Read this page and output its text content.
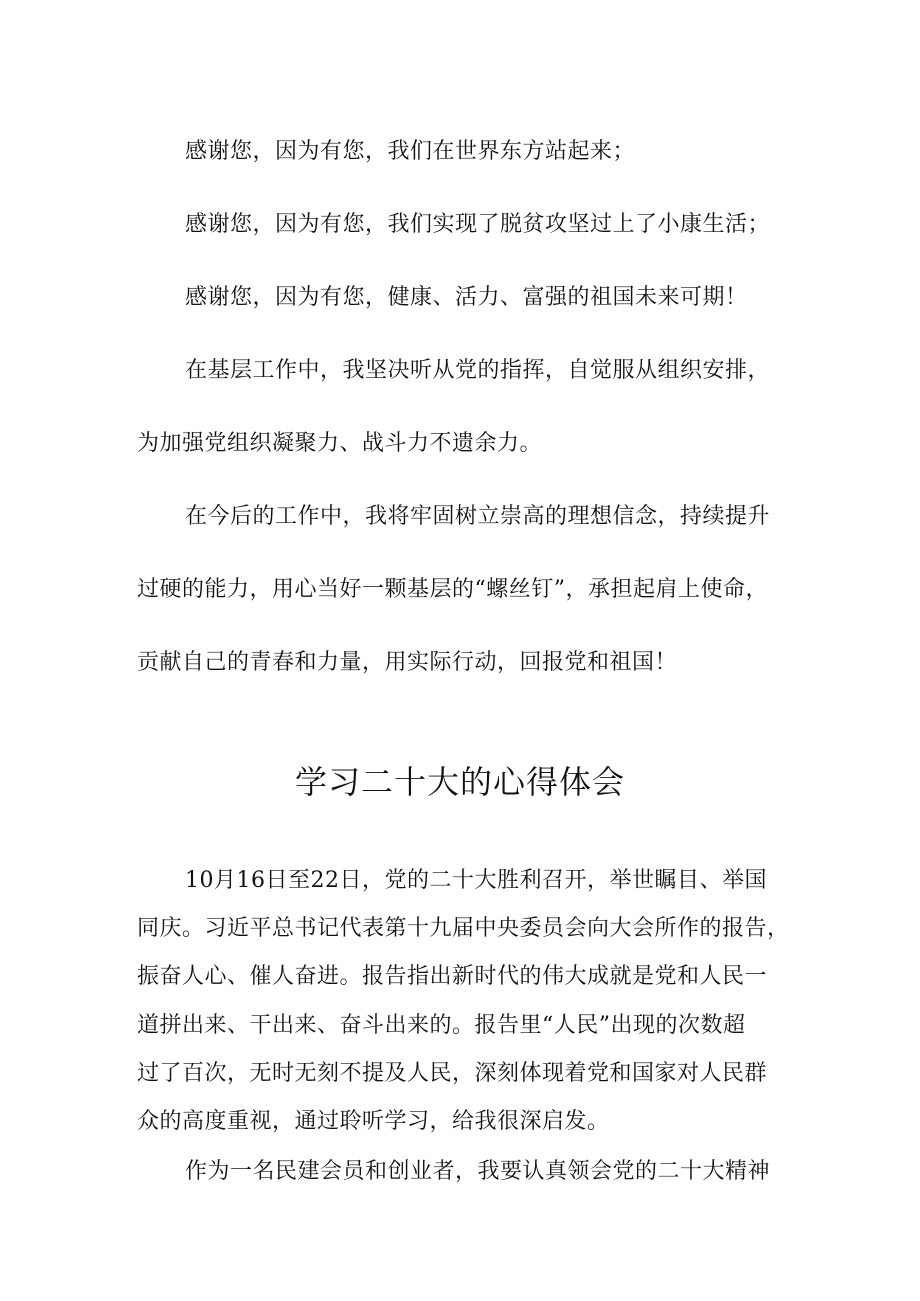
感谢您，因为有您，我们在世界东方站起来；
感谢您，因为有您，我们实现了脱贫攻坚过上了小康生活；
感谢您，因为有您，健康、活力、富强的祖国未来可期！
在基层工作中，我坚决听从党的指挥，自觉服从组织安排，
为加强党组织凝聚力、战斗力不遗余力。
在今后的工作中，我将牢固树立崇高的理想信念，持续提升
过硬的能力，用心当好一颗基层的“螺丝钉”，承担起肩上使命，
贡献自己的青春和力量，用实际行动，回报党和祖国！
学习二十大的心得体会
10月16日至22日，党的二十大胜利召开，举世瞩目、举国
同庆。习近平总书记代表第十九届中央委员会向大会所作的报告，
振奋人心、催人奋进。报告指出新时代的伟大成就是党和人民一
道拼出来、干出来、奋斗出来的。报告里“人民”出现的次数超
过了百次，无时无刻不提及人民，深刻体现着党和国家对人民群
众的高度重视，通过聆听学习，给我很深启发。
作为一名民建会员和创业者，我要认真领会党的二十大精神
